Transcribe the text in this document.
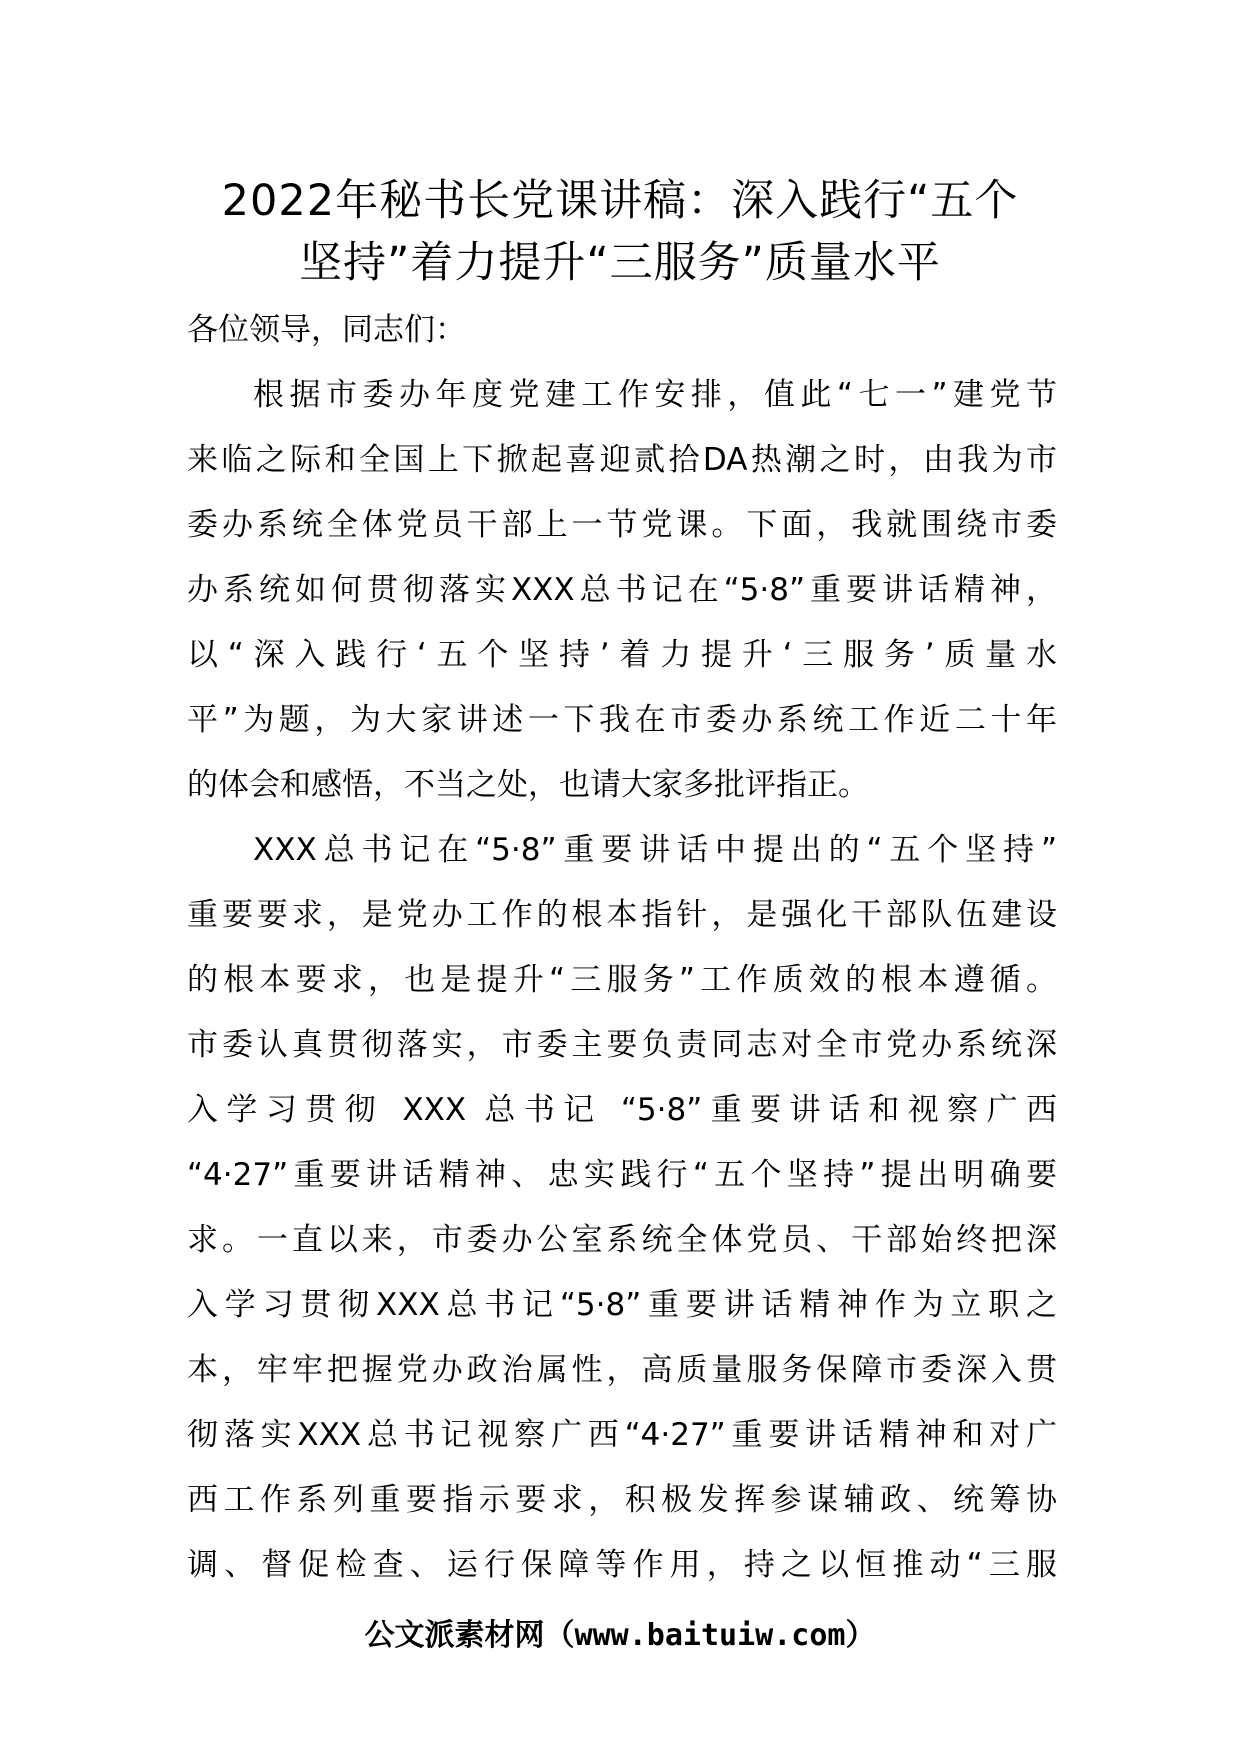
2022年秘书长党课讲稿：深入践行“五个
坚持”着力提升“三服务”质量水平
各位领导，同志们：
根据市委办年度党建工作安排，值此“七一”建党节
来临之际和全国上下掀起喜迎贰拾DA热潮之时，由我为市
委办系统全体党员干部上一节党课。下面，我就围绕市委
办系统如何贯彻落实XXX总书记在“5·8”重要讲话精神，
以“深入践行‘五个坚持’着力提升‘三服务’质量水
平”为题，为大家讲述一下我在市委办系统工作近二十年
的体会和感悟，不当之处，也请大家多批评指正。
XXX总书记在“5·8”重要讲话中提出的“五个坚持”
重要要求，是党办工作的根本指针，是强化干部队伍建设
的根本要求，也是提升“三服务”工作质效的根本遵循。
市委认真贯彻落实，市委主要负责同志对全市党办系统深
入学习贯彻 XXX 总书记 “5·8”重要讲话和视察广西
“4·27”重要讲话精神、忠实践行“五个坚持”提出明确要
求。一直以来，市委办公室系统全体党员、干部始终把深
入学习贯彻XXX总书记“5·8”重要讲话精神作为立职之
本，牢牢把握党办政治属性，高质量服务保障市委深入贯
彻落实XXX总书记视察广西“4·27”重要讲话精神和对广
西工作系列重要指示要求，积极发挥参谋辅政、统筹协
调、督促检查、运行保障等作用，持之以恒推动“三服
公文派素材网（www.baituiw.com）
